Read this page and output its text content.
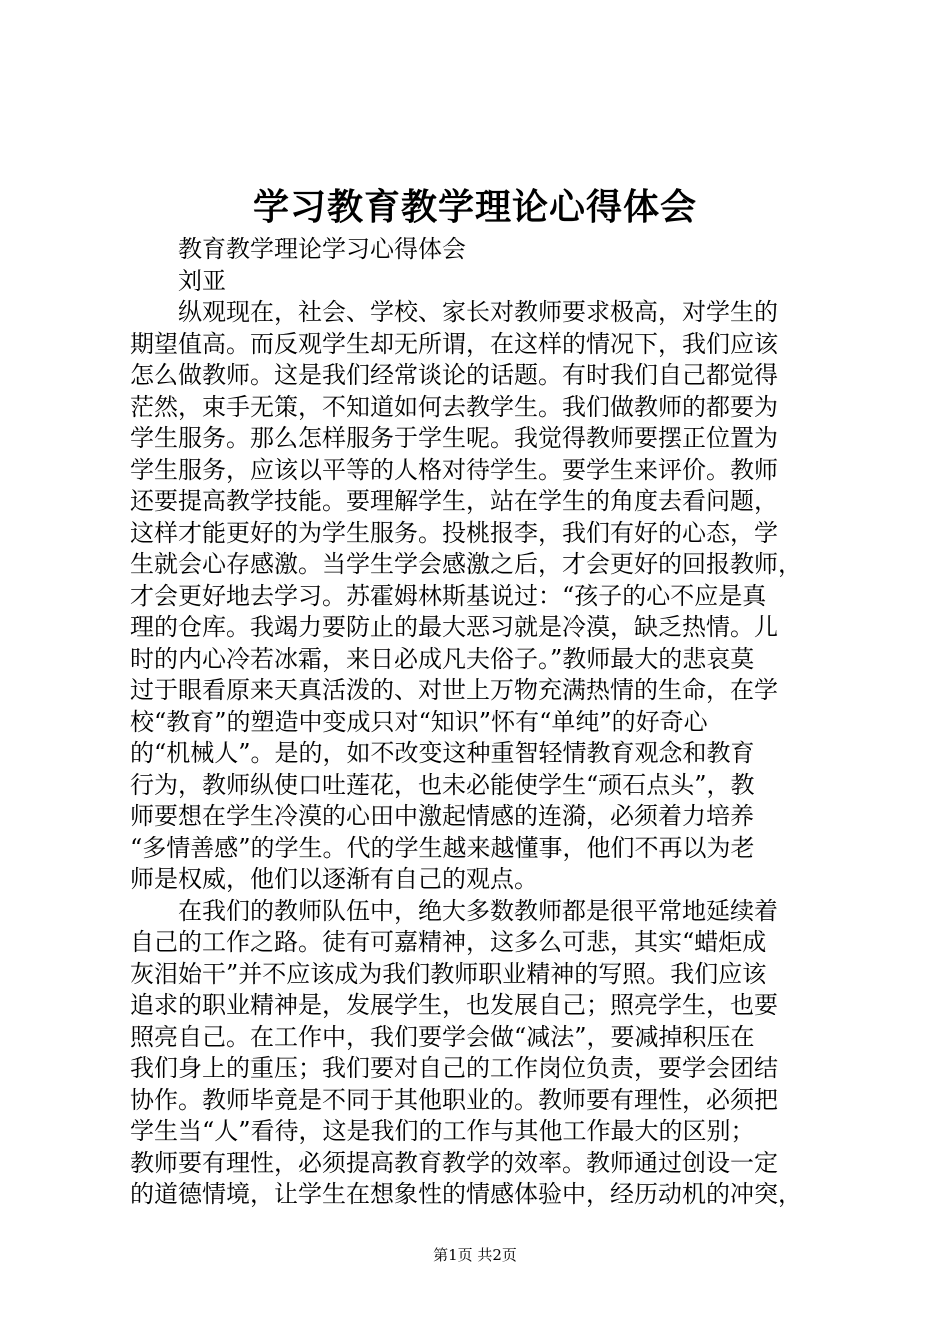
学习教育教学理论心得体会
教育教学理论学习心得体会
刘亚
纵观现在，社会、学校、家长对教师要求极高，对学生的
期望值高。而反观学生却无所谓，在这样的情况下，我们应该
怎么做教师。这是我们经常谈论的话题。有时我们自己都觉得
茫然，束手无策，不知道如何去教学生。我们做教师的都要为
学生服务。那么怎样服务于学生呢。我觉得教师要摆正位置为
学生服务，应该以平等的人格对待学生。要学生来评价。教师
还要提高教学技能。要理解学生，站在学生的角度去看问题，
这样才能更好的为学生服务。投桃报李，我们有好的心态，学
生就会心存感激。当学生学会感激之后，才会更好的回报教师，
才会更好地去学习。苏霍姆林斯基说过：“孩子的心不应是真
理的仓库。我竭力要防止的最大恶习就是冷漠，缺乏热情。儿
时的内心冷若冰霜，来日必成凡夫俗子。”教师最大的悲哀莫
过于眼看原来天真活泼的、对世上万物充满热情的生命，在学
校“教育”的塑造中变成只对“知识”怀有“单纯”的好奇心
的“机械人”。是的，如不改变这种重智轻情教育观念和教育
行为，教师纵使口吐莲花，也未必能使学生“顽石点头”，教
师要想在学生冷漠的心田中激起情感的连漪，必须着力培养
“多情善感”的学生。代的学生越来越懂事，他们不再以为老
师是权威，他们以逐渐有自己的观点。
在我们的教师队伍中，绝大多数教师都是很平常地延续着
自己的工作之路。徒有可嘉精神，这多么可悲，其实“蜡炬成
灰泪始干”并不应该成为我们教师职业精神的写照。我们应该
追求的职业精神是，发展学生，也发展自己；照亮学生，也要
照亮自己。在工作中，我们要学会做“减法”，要减掉积压在
我们身上的重压；我们要对自己的工作岗位负责，要学会团结
协作。教师毕竟是不同于其他职业的。教师要有理性，必须把
学生当“人”看待，这是我们的工作与其他工作最大的区别；
教师要有理性，必须提高教育教学的效率。教师通过创设一定
的道德情境，让学生在想象性的情感体验中，经历动机的冲突，
第1页 共2页
